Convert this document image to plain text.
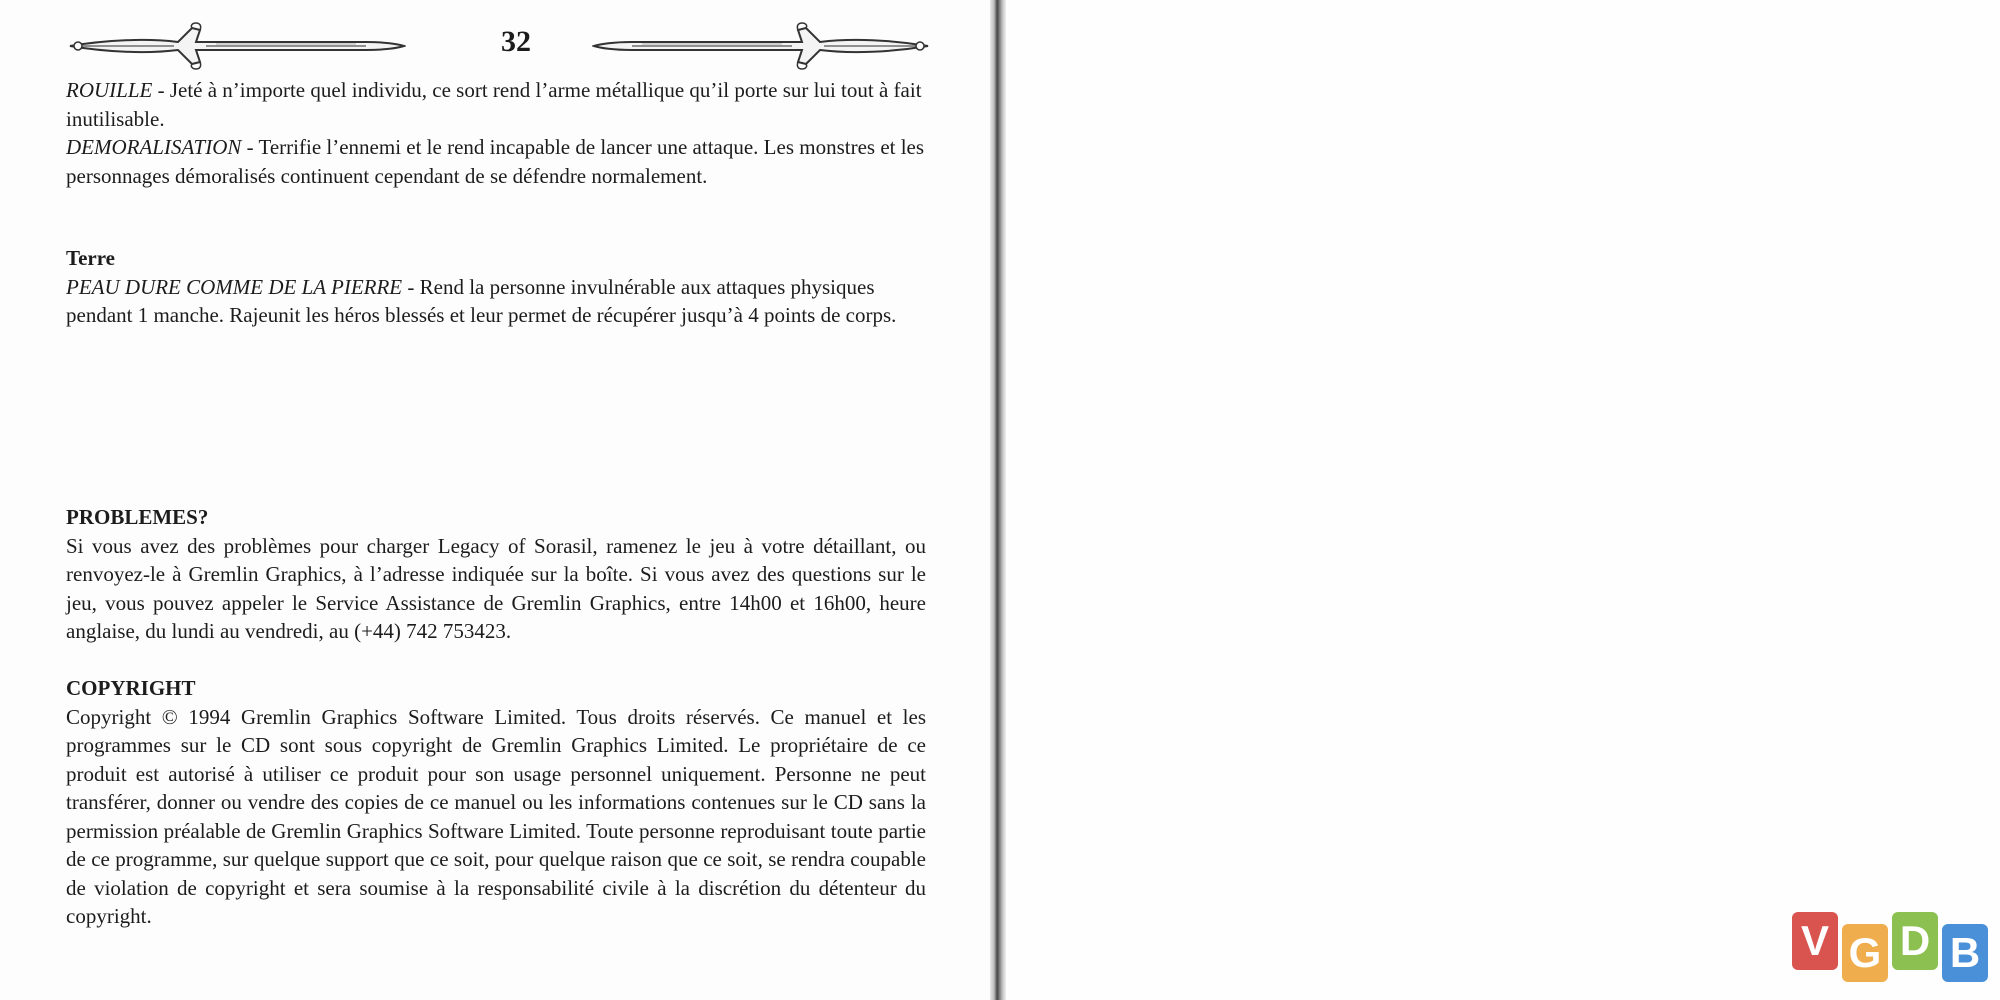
32

ROUILLE - Jeté à n’importe quel individu, ce sort rend l’arme métallique qu’il porte sur lui tout à fait inutilisable.

DEMORALISATION - Terrifie l’ennemi et le rend incapable de lancer une attaque. Les monstres et les personnages démoralisés continuent cependant de se défendre normalement.

Terre

PEAU DURE COMME DE LA PIERRE - Rend la personne invulnérable aux attaques physiques pendant 1 manche. Rajeunit les héros blessés et leur permet de récupérer jusqu’à 4 points de corps.

PROBLEMES?

Si vous avez des problèmes pour charger Legacy of Sorasil, ramenez le jeu à votre détaillant, ou renvoyez-le à Gremlin Graphics, à l’adresse indiquée sur la boîte. Si vous avez des questions sur le jeu, vous pouvez appeler le Service Assistance de Gremlin Graphics, entre 14h00 et 16h00, heure anglaise, du lundi au vendredi, au (+44) 742 753423.

COPYRIGHT

Copyright © 1994 Gremlin Graphics Software Limited. Tous droits réservés. Ce manuel et les programmes sur le CD sont sous copyright de Gremlin Graphics Limited. Le propriétaire de ce produit est autorisé à utiliser ce produit pour son usage personnel uniquement. Personne ne peut transférer, donner ou vendre des copies de ce manuel ou les informations contenues sur le CD sans la permission préalable de Gremlin Graphics Software Limited. Toute personne reproduisant toute partie de ce programme, sur quelque support que ce soit, pour quelque raison que ce soit, se rendra coupable de violation de copyright et sera soumise à la responsabilité civile à la discrétion du détenteur du copyright.

V G D B
